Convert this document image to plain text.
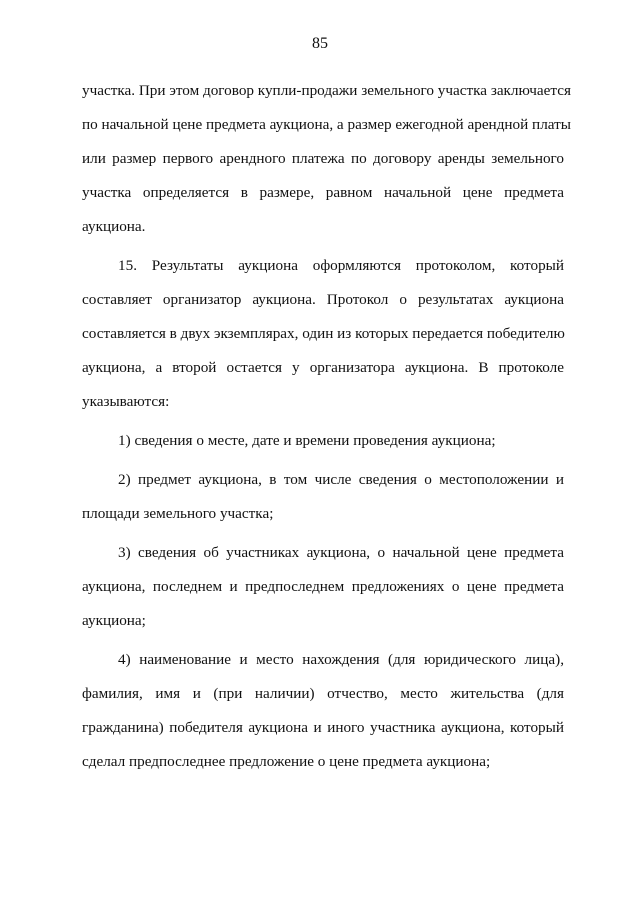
85
участка. При этом договор купли-продажи земельного участка заключается
по начальной цене предмета аукциона, а размер ежегодной арендной платы
или размер первого арендного платежа по договору аренды земельного
участка определяется в размере, равном начальной цене предмета
аукциона.
15. Результаты аукциона оформляются протоколом, который
составляет организатор аукциона. Протокол о результатах аукциона
составляется в двух экземплярах, один из которых передается победителю
аукциона, а второй остается у организатора аукциона. В протоколе
указываются:
1) сведения о месте, дате и времени проведения аукциона;
2) предмет аукциона, в том числе сведения о местоположении и
площади земельного участка;
3) сведения об участниках аукциона, о начальной цене предмета
аукциона, последнем и предпоследнем предложениях о цене предмета
аукциона;
4) наименование и место нахождения (для юридического лица),
фамилия, имя и (при наличии) отчество, место жительства (для
гражданина) победителя аукциона и иного участника аукциона, который
сделал предпоследнее предложение о цене предмета аукциона;
